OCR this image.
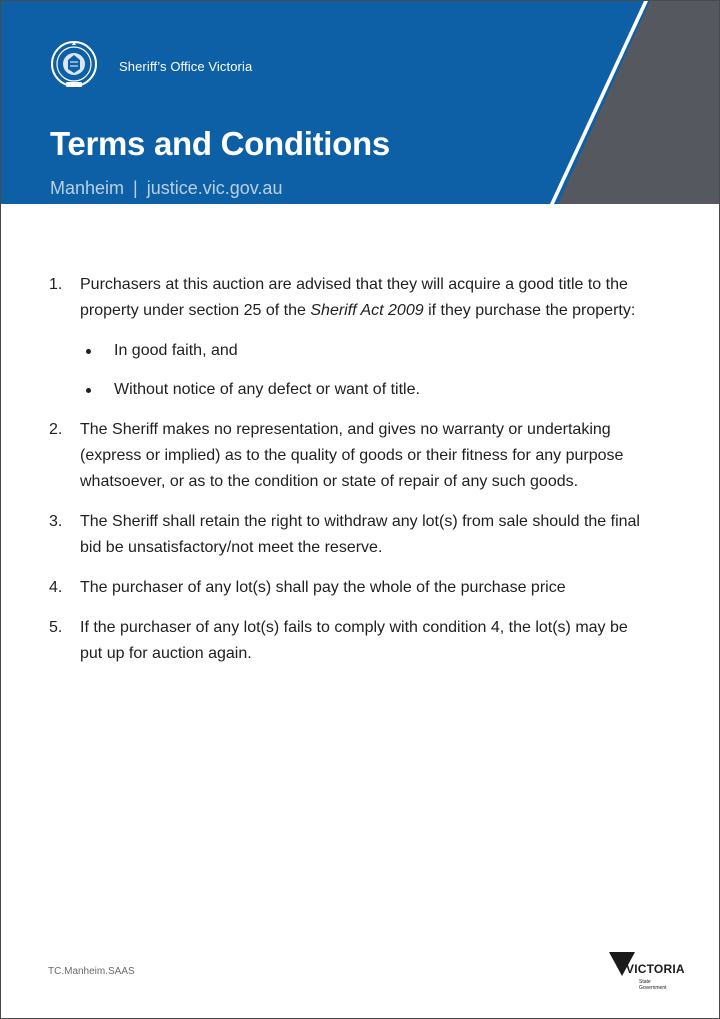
Sheriff’s Office Victoria
Terms and Conditions
Manheim | justice.vic.gov.au
1. Purchasers at this auction are advised that they will acquire a good title to the property under section 25 of the Sheriff Act 2009 if they purchase the property:
In good faith, and
Without notice of any defect or want of title.
2. The Sheriff makes no representation, and gives no warranty or undertaking (express or implied) as to the quality of goods or their fitness for any purpose whatsoever, or as to the condition or state of repair of any such goods.
3. The Sheriff shall retain the right to withdraw any lot(s) from sale should the final bid be unsatisfactory/not meet the reserve.
4. The purchaser of any lot(s) shall pay the whole of the purchase price
5. If the purchaser of any lot(s) fails to comply with condition 4, the lot(s) may be put up for auction again.
TC.Manheim.SAAS	VICTORIA
State Government
